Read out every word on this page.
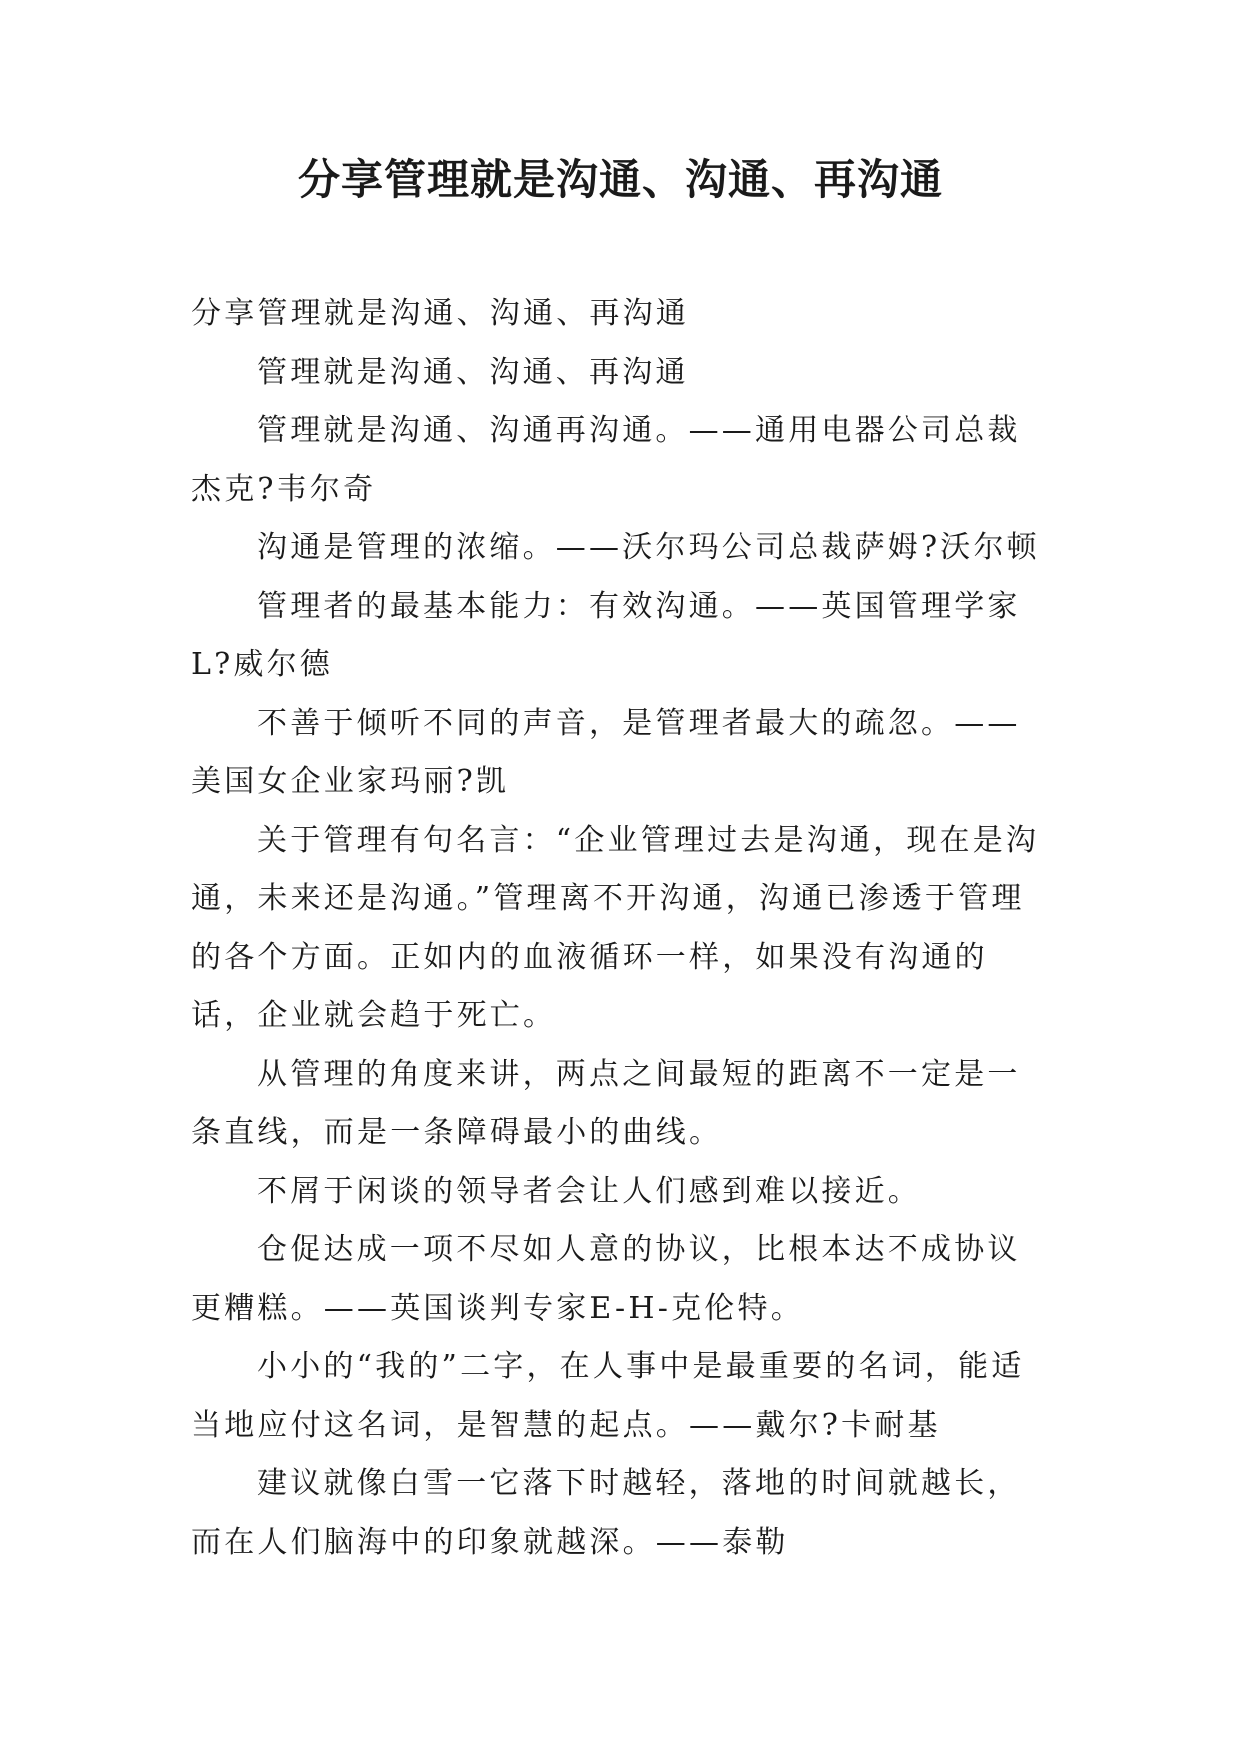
分享管理就是沟通、沟通、再沟通

分享管理就是沟通、沟通、再沟通

管理就是沟通、沟通、再沟通

管理就是沟通、沟通再沟通。——通用电器公司总裁杰克?韦尔奇

沟通是管理的浓缩。——沃尔玛公司总裁萨姆?沃尔顿

管理者的最基本能力：有效沟通。——英国管理学家L?威尔德

不善于倾听不同的声音，是管理者最大的疏忽。——美国女企业家玛丽?凯

关于管理有句名言：“企业管理过去是沟通，现在是沟通，未来还是沟通。”管理离不开沟通，沟通已渗透于管理的各个方面。正如内的血液循环一样，如果没有沟通的话，企业就会趋于死亡。

从管理的角度来讲，两点之间最短的距离不一定是一条直线，而是一条障碍最小的曲线。

不屑于闲谈的领导者会让人们感到难以接近。

仓促达成一项不尽如人意的协议，比根本达不成协议更糟糕。——英国谈判专家E-H-克伦特。

小小的“我的”二字，在人事中是最重要的名词，能适当地应付这名词，是智慧的起点。——戴尔?卡耐基

建议就像白雪一它落下时越轻，落地的时间就越长，而在人们脑海中的印象就越深。——泰勒
